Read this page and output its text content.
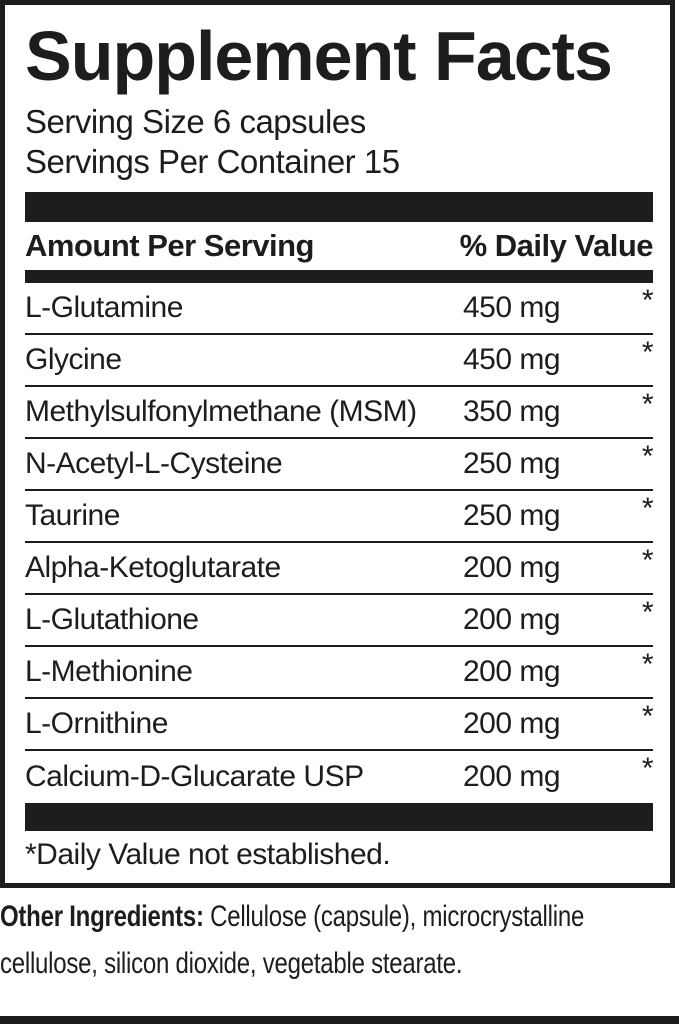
Supplement Facts
Serving Size 6 capsules
Servings Per Container 15
Amount Per Serving	% Daily Value
L-Glutamine	450 mg	*
Glycine	450 mg	*
Methylsulfonylmethane (MSM)	350 mg	*
N-Acetyl-L-Cysteine	250 mg	*
Taurine	250 mg	*
Alpha-Ketoglutarate	200 mg	*
L-Glutathione	200 mg	*
L-Methionine	200 mg	*
L-Ornithine	200 mg	*
Calcium-D-Glucarate USP	200 mg	*
*Daily Value not established.
Other Ingredients: Cellulose (capsule), microcrystalline cellulose, silicon dioxide, vegetable stearate.
